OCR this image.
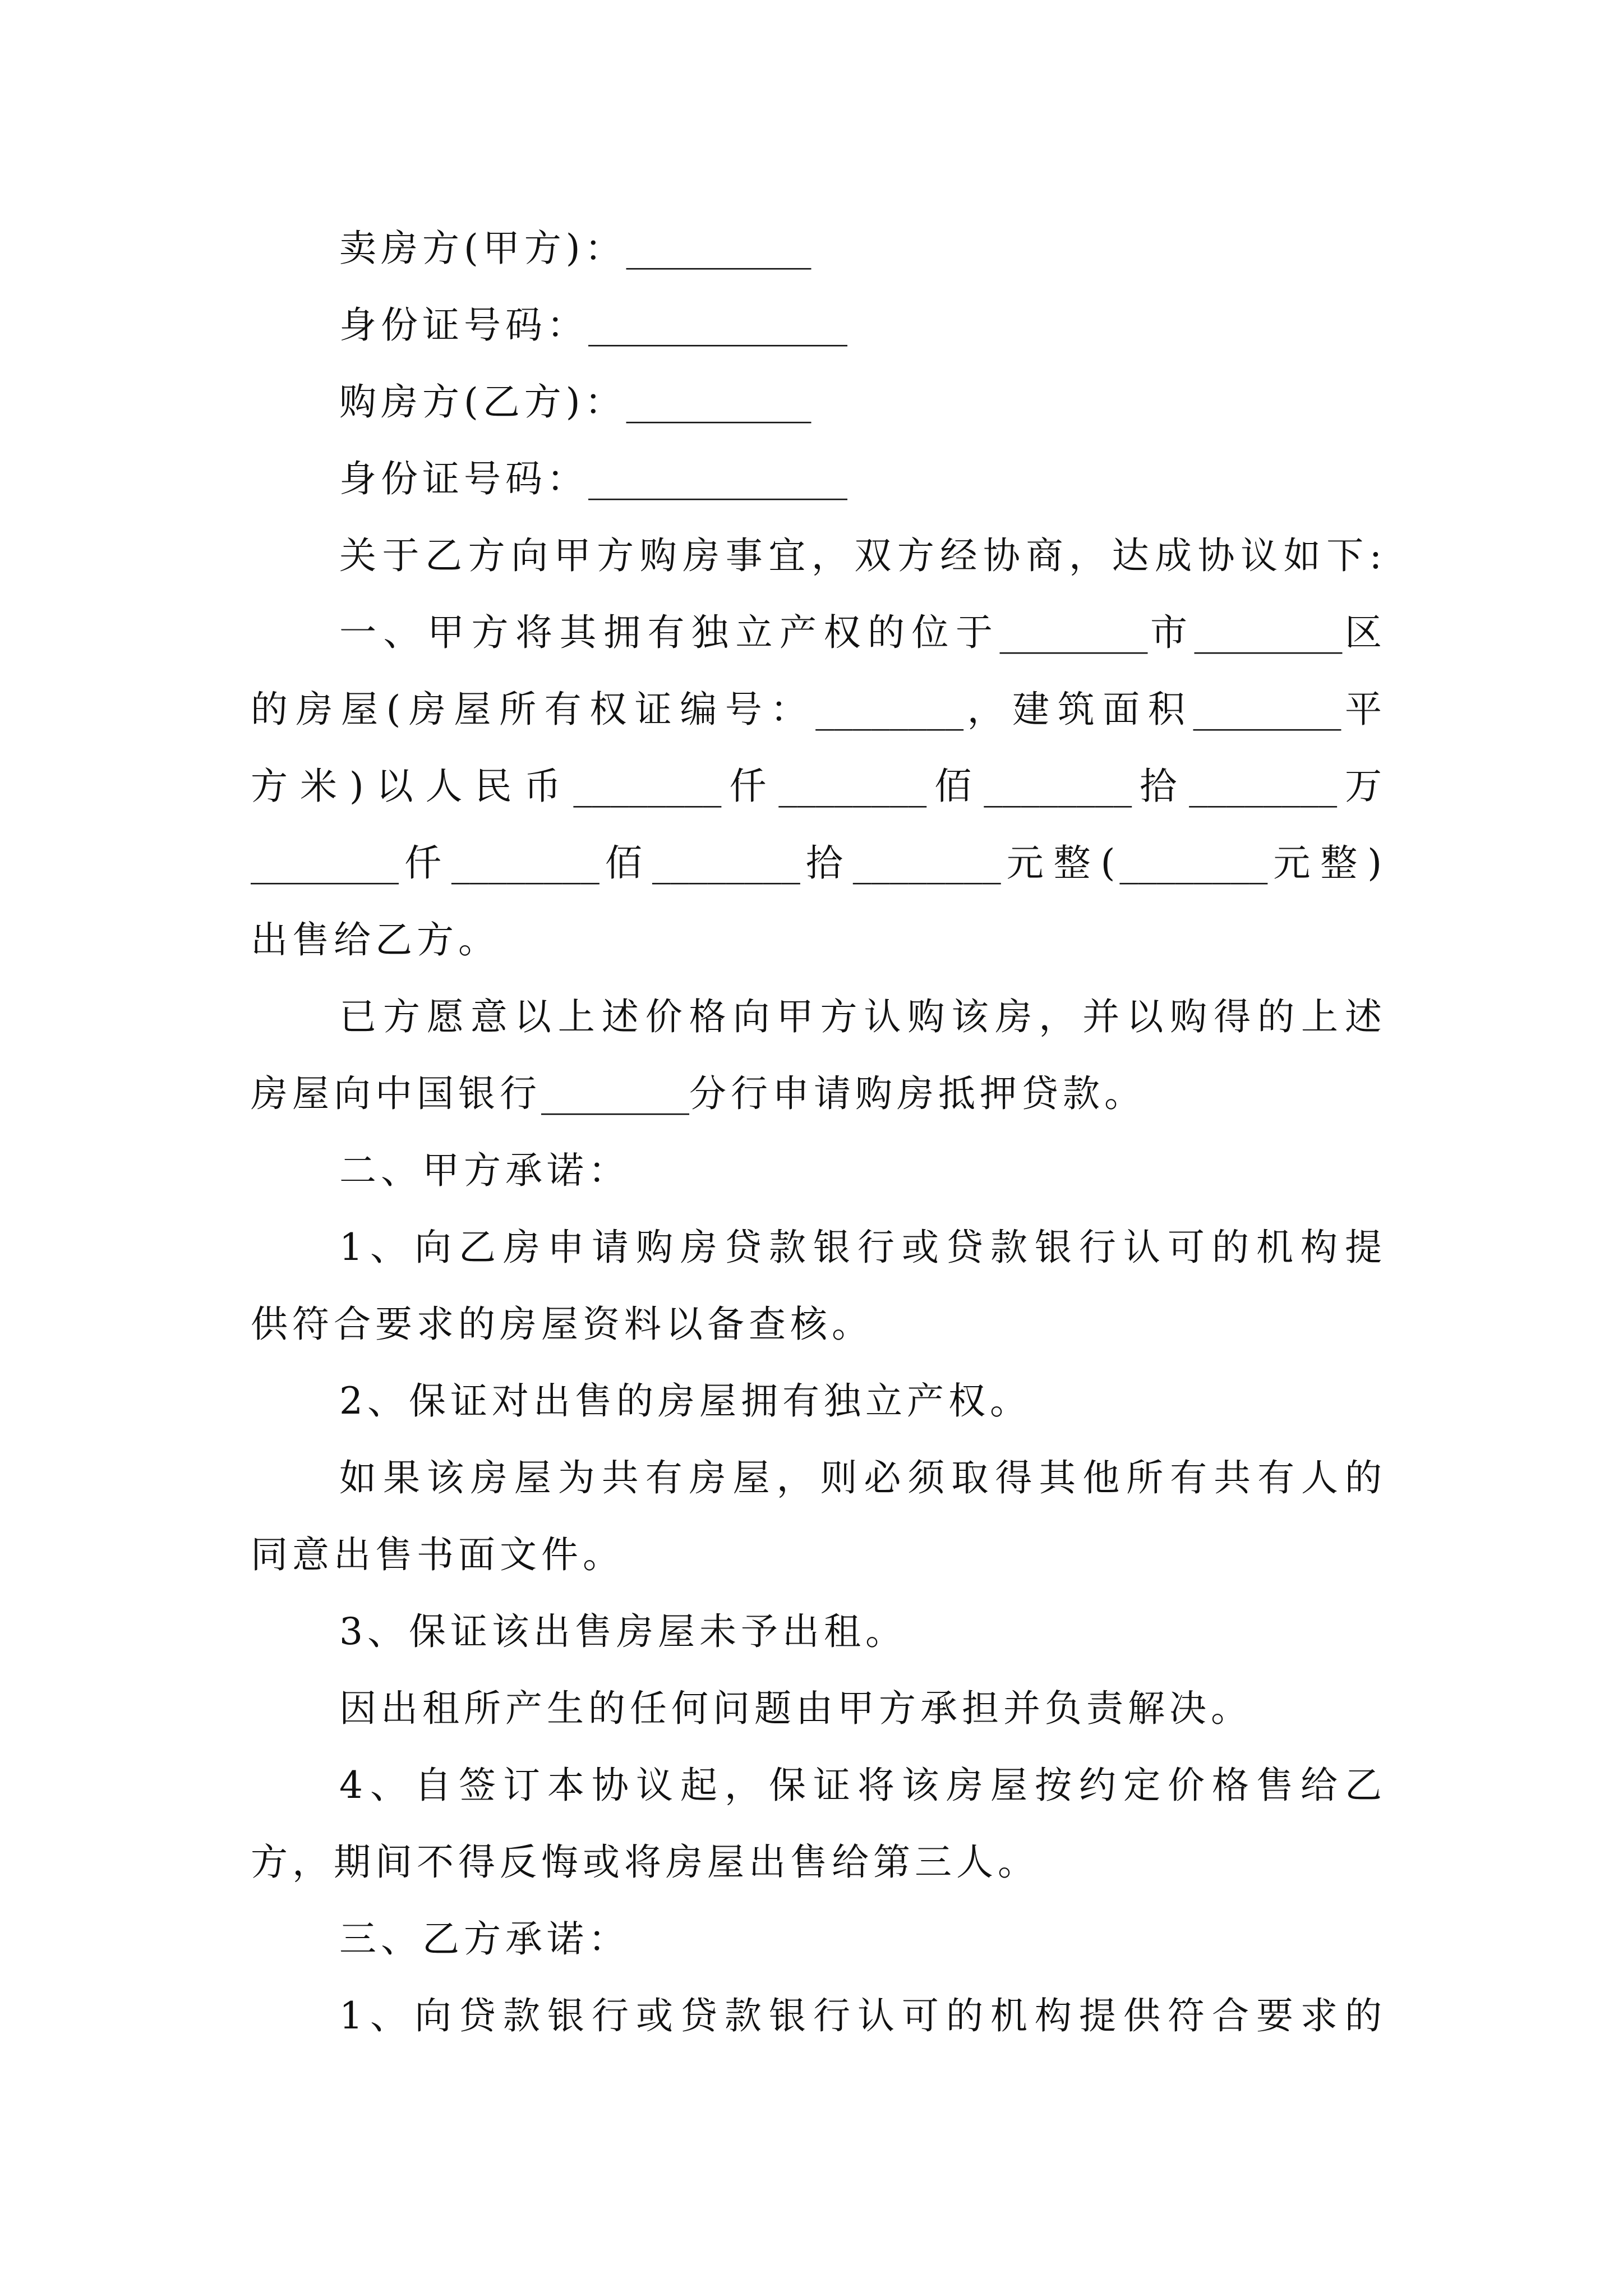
卖房方(甲方)：__________
身份证号码：______________
购房方(乙方)：__________
身份证号码：______________
关于乙方向甲方购房事宜，双方经协商，达成协议如下:
一、甲方将其拥有独立产权的位于________市________区
的房屋(房屋所有权证编号：________，建筑面积________平
方米)以人民币________仟________佰________拾________万
________仟________佰________拾________元整(________元整)
出售给乙方。
已方愿意以上述价格向甲方认购该房，并以购得的上述
房屋向中国银行________分行申请购房抵押贷款。
二、甲方承诺：
1、向乙房申请购房贷款银行或贷款银行认可的机构提
供符合要求的房屋资料以备查核。
2、保证对出售的房屋拥有独立产权。
如果该房屋为共有房屋，则必须取得其他所有共有人的
同意出售书面文件。
3、保证该出售房屋未予出租。
因出租所产生的任何问题由甲方承担并负责解决。
4、自签订本协议起，保证将该房屋按约定价格售给乙
方，期间不得反悔或将房屋出售给第三人。
三、乙方承诺：
1、向贷款银行或贷款银行认可的机构提供符合要求的
